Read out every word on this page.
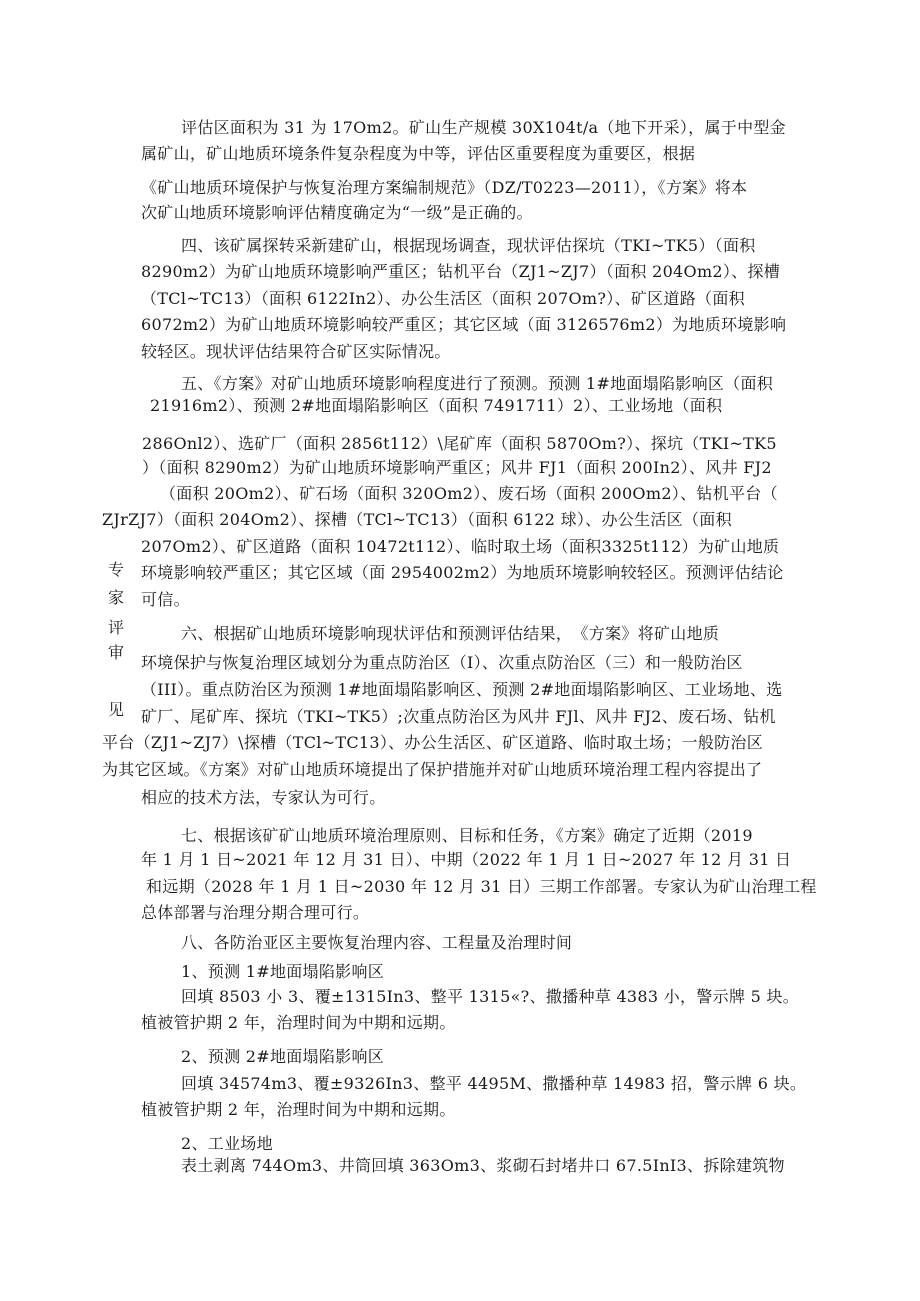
专
家
评
审
见
评估区面积为 31 为 17Om2。矿山生产规模 30X104t/a（地下开采），属于中型金
属矿山，矿山地质环境条件复杂程度为中等，评估区重要程度为重要区，根据
《矿山地质环境保护与恢复治理方案编制规范》（DZ/T0223—2011），《方案》将本
次矿山地质环境影响评估精度确定为“一级”是正确的。
四、该矿属探转采新建矿山，根据现场调查，现状评估探坑（TKI~TK5）（面积
8290m2）为矿山地质环境影响严重区；钻机平台（ZJ1~ZJ7）（面积 204Om2）、探槽
（TCl~TC13）（面积 6122In2）、办公生活区（面积 207Om?）、矿区道路（面积
6072m2）为矿山地质环境影响较严重区；其它区域（面 3126576m2）为地质环境影响
较轻区。现状评估结果符合矿区实际情况。
五、《方案》对矿山地质环境影响程度进行了预测。预测 1#地面塌陷影响区（面积
21916m2）、预测 2#地面塌陷影响区（面积 7491711）2）、工业场地（面积
286Onl2）、选矿厂（面积 2856t112）\尾矿库（面积 5870Om?）、探坑（TKI~TK5
）（面积 8290m2）为矿山地质环境影响严重区；风井 FJ1（面积 200In2）、风井 FJ2
（面积 20Om2）、矿石场（面积 320Om2）、废石场（面积 200Om2）、钻机平台（
ZJrZJ7）（面积 204Om2）、探槽（TCl~TC13）（面积 6122 球）、办公生活区（面积
207Om2）、矿区道路（面积 10472t112）、临时取土场（面积3325t112）为矿山地质
环境影响较严重区；其它区域（面 2954002m2）为地质环境影响较轻区。预测评估结论
可信。
六、根据矿山地质环境影响现状评估和预测评估结果，　《方案》将矿山地质
环境保护与恢复治理区域划分为重点防治区（I）、次重点防治区（三）和一般防治区
（III）。重点防治区为预测 1#地面塌陷影响区、预测 2#地面塌陷影响区、工业场地、选
矿厂、尾矿库、探坑（TKI~TK5）;次重点防治区为风井 FJl、风井 FJ2、废石场、钻机
平台（ZJ1~ZJ7）\探槽（TCl~TC13）、办公生活区、矿区道路、临时取土场；一般防治区
为其它区域。《方案》对矿山地质环境提出了保护措施并对矿山地质环境治理工程内容提出了
相应的技术方法，专家认为可行。
七、根据该矿矿山地质环境治理原则、目标和任务，《方案》确定了近期（2019
年 1 月 1 日~2021 年 12 月 31 日）、中期（2022 年 1 月 1 日~2027 年 12 月 31 日
和远期（2028 年 1 月 1 日~2030 年 12 月 31 日）三期工作部署。专家认为矿山治理工程
总体部署与治理分期合理可行。
八、各防治亚区主要恢复治理内容、工程量及治理时间
1、预测 1#地面塌陷影响区
回填 8503 小 3、覆±1315In3、整平 1315«?、撒播种草 4383 小，警示牌 5 块。
植被管护期 2 年，治理时间为中期和远期。
2、预测 2#地面塌陷影响区
回填 34574m3、覆±9326In3、整平 4495M、撒播种草 14983 招，警示牌 6 块。
植被管护期 2 年，治理时间为中期和远期。
2、工业场地
表土剥离 744Om3、井筒回填 363Om3、浆砌石封堵井口 67.5InI3、拆除建筑物
